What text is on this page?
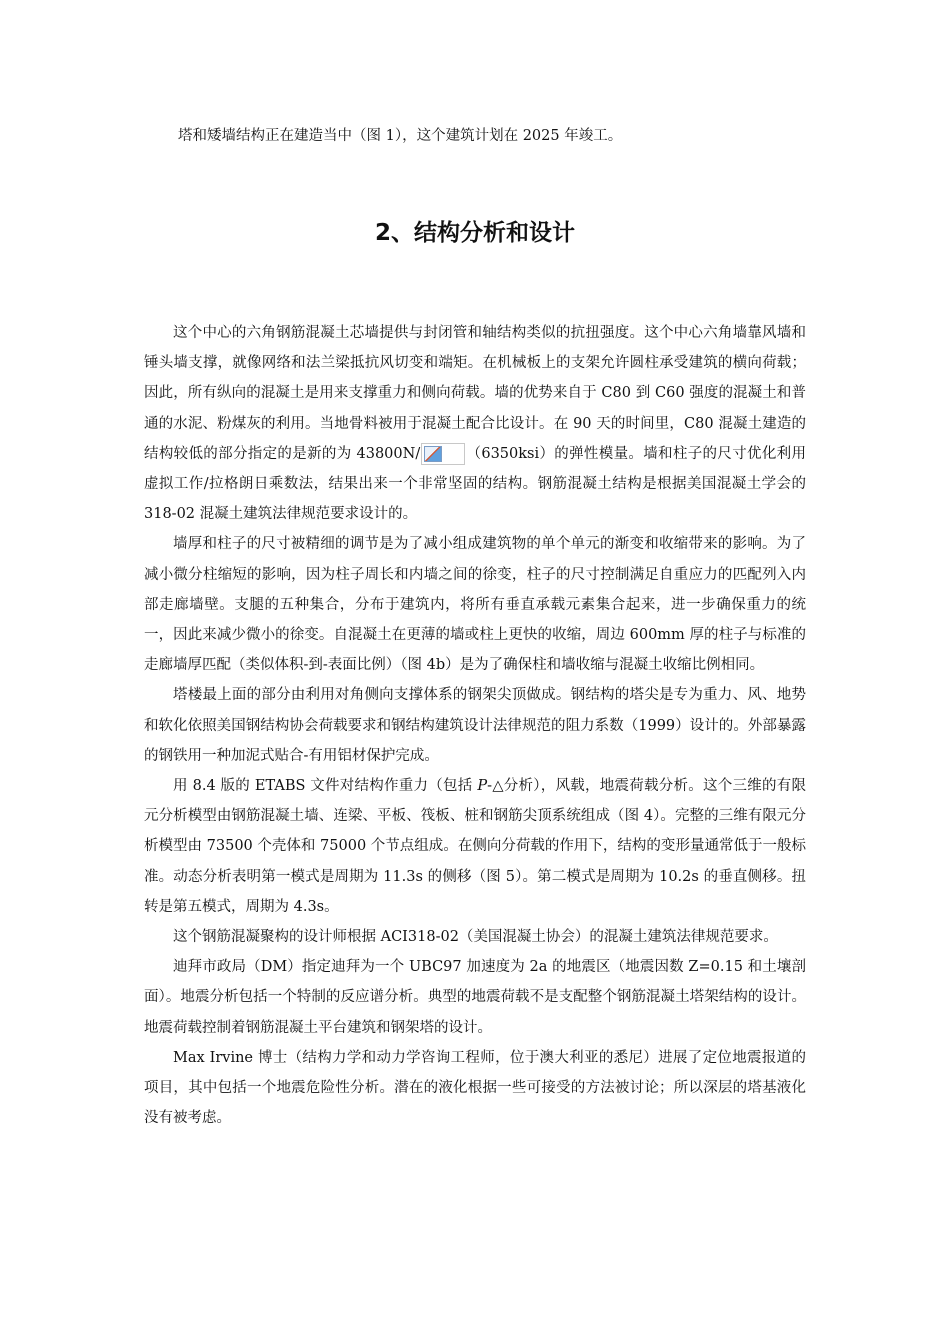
塔和矮墙结构正在建造当中（图 1），这个建筑计划在 2025 年竣工。
2、结构分析和设计

这个中心的六角钢筋混凝土芯墙提供与封闭管和轴结构类似的抗扭强度。这个中心六角墙靠风墙和锤头墙支撑，就像网络和法兰梁抵抗风切变和端矩。在机械板上的支架允许圆柱承受建筑的横向荷载；因此，所有纵向的混凝土是用来支撑重力和侧向荷载。墙的优势来自于 C80 到 C60 强度的混凝土和普通的水泥、粉煤灰的利用。当地骨料被用于混凝土配合比设计。在 90 天的时间里，C80 混凝土建造的结构较低的部分指定的是新的为 43800N/	（6350ksi）的弹性模量。墙和柱子的尺寸优化利用虚拟工作/拉格朗日乘数法，结果出来一个非常坚固的结构。钢筋混凝土结构是根据美国混凝土学会的 318-02 混凝土建筑法律规范要求设计的。

墙厚和柱子的尺寸被精细的调节是为了减小组成建筑物的单个单元的渐变和收缩带来的影响。为了减小微分柱缩短的影响，因为柱子周长和内墙之间的徐变，柱子的尺寸控制满足自重应力的匹配列入内部走廊墙壁。支腿的五种集合，分布于建筑内，将所有垂直承载元素集合起来，进一步确保重力的统一，因此来减少微小的徐变。自混凝土在更薄的墙或柱上更快的收缩，周边 600mm 厚的柱子与标准的走廊墙厚匹配（类似体积-到-表面比例）（图 4b）是为了确保柱和墙收缩与混凝土收缩比例相同。

塔楼最上面的部分由利用对角侧向支撑体系的钢架尖顶做成。钢结构的塔尖是专为重力、风、地势和软化依照美国钢结构协会荷载要求和钢结构建筑设计法律规范的阻力系数（1999）设计的。外部暴露的钢铁用一种加泥式贴合-有用铝材保护完成。

用 8.4 版的 ETABS 文件对结构作重力（包括 P-△分析），风载，地震荷载分析。这个三维的有限元分析模型由钢筋混凝土墙、连梁、平板、筏板、桩和钢筋尖顶系统组成（图 4）。完整的三维有限元分析模型由 73500 个壳体和 75000 个节点组成。在侧向分荷载的作用下，结构的变形量通常低于一般标准。动态分析表明第一模式是周期为 11.3s 的侧移（图 5）。第二模式是周期为 10.2s 的垂直侧移。扭转是第五模式，周期为 4.3s。

这个钢筋混凝聚构的设计师根据 ACI318-02（美国混凝土协会）的混凝土建筑法律规范要求。

迪拜市政局（DM）指定迪拜为一个 UBC97 加速度为 2a 的地震区（地震因数 Z=0.15 和土壤剖面）。地震分析包括一个特制的反应谱分析。典型的地震荷载不是支配整个钢筋混凝土塔架结构的设计。地震荷载控制着钢筋混凝土平台建筑和钢架塔的设计。

Max Irvine 博士（结构力学和动力学咨询工程师，位于澳大利亚的悉尼）进展了定位地震报道的项目，其中包括一个地震危险性分析。潜在的液化根据一些可接受的方法被讨论；所以深层的塔基液化没有被考虑。
